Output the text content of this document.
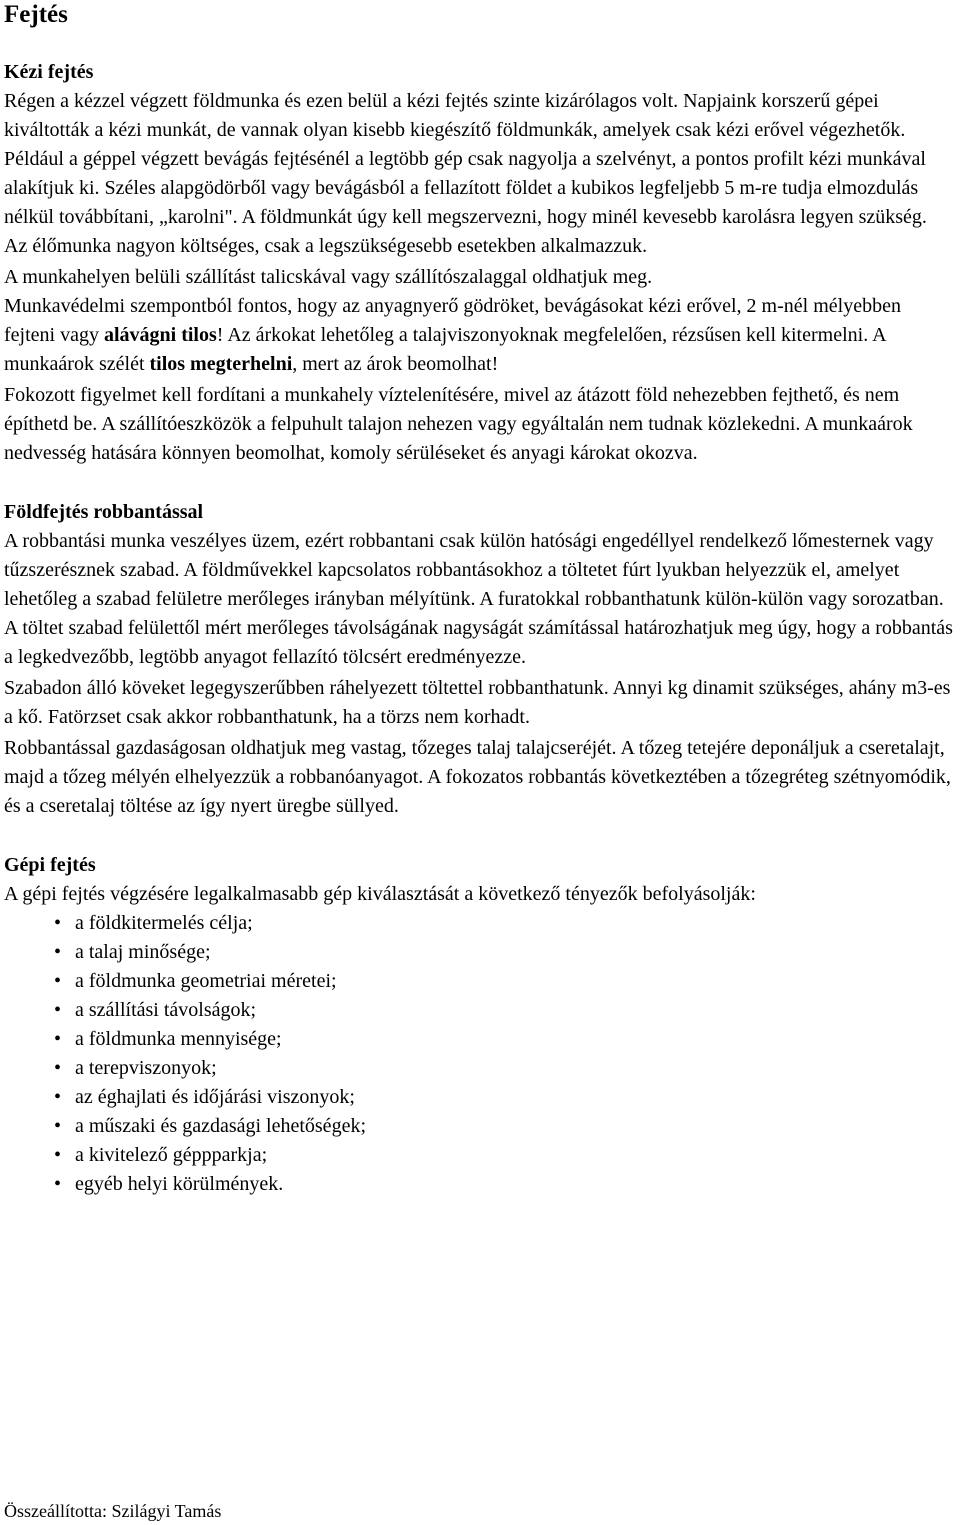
Fejtés
Kézi fejtés

Régen a kézzel végzett földmunka és ezen belül a kézi fejtés szinte kizárólagos volt. Napjaink korszerű gépei kiváltották a kézi munkát, de vannak olyan kisebb kiegészítő földmunkák, amelyek csak kézi erővel végezhetők. Például a géppel végzett bevágás fejtésénél a legtöbb gép csak nagyolja a szelvényt, a pontos profilt kézi munkával alakítjuk ki. Széles alapgödörből vagy bevágásból a fellazított földet a kubikos legfeljebb 5 m-re tudja elmozdulás nélkül továbbítani, „karolni". A földmunkát úgy kell megszervezni, hogy minél kevesebb karolásra legyen szükség. Az élőmunka nagyon költséges, csak a legszükségesebb esetekben alkalmazzuk.

A munkahelyen belüli szállítást talicskával vagy szállítószalaggal oldhatjuk meg.

Munkavédelmi szempontból fontos, hogy az anyagnyerő gödröket, bevágásokat kézi erővel, 2 m-nél mélyebben fejteni vagy alávágni tilos! Az árkokat lehetőleg a talajviszonyoknak megfelelően, rézsűsen kell kitermelni. A munkaárok szélét tilos megterhelni, mert az árok beomolhat!

Fokozott figyelmet kell fordítani a munkahely víztelenítésére, mivel az átázott föld nehezebben fejthető, és nem építhetd be. A szállítóeszközök a felpuhult talajon nehezen vagy egyáltalán nem tudnak közlekedni. A munkaárok nedvesség hatására könnyen beomolhat, komoly sérüléseket és anyagi károkat okozva.

Földfejtés robbantással

A robbantási munka veszélyes üzem, ezért robbantani csak külön hatósági engedéllyel rendelkező lőmesternek vagy tűzszerésznek szabad. A földművekkel kapcsolatos robbantásokhoz a töltetet fúrt lyukban helyezzük el, amelyet lehetőleg a szabad felületre merőleges irányban mélyítünk. A furatokkal robbanthatunk külön-külön vagy sorozatban. A töltet szabad felülettől mért merőleges távolságának nagyságát számítással határozhatjuk meg úgy, hogy a robbantás a legkedvezőbb, legtöbb anyagot fellazító tölcsért eredményezze.

Szabadon álló köveket legegyszerűbben ráhelyezett töltettel robbanthatunk. Annyi kg dinamit szükséges, ahány m3-es a kő. Fatörzset csak akkor robbanthatunk, ha a törzs nem korhadt.

Robbantással gazdaságosan oldhatjuk meg vastag, tőzeges talaj talajcseréjét. A tőzeg tetejére deponáljuk a cseretalajt, majd a tőzeg mélyén elhelyezzük a robbanóanyagot. A fokozatos robbantás következtében a tőzegréteg szétnyomódik, és a cseretalaj töltése az így nyert üregbe süllyed.

Gépi fejtés

A gépi fejtés végzésére legalkalmasabb gép kiválasztását a következő tényezők befolyásolják:

• a földkitermelés célja;
• a talaj minősége;
• a földmunka geometriai méretei;
• a szállítási távolságok;
• a földmunka mennyisége;
• a terepviszonyok;
• az éghajlati és időjárási viszonyok;
• a műszaki és gazdasági lehetőségek;
• a kivitelező géppparkja;
• egyéb helyi körülmények.
Összeállította: Szilágyi Tamás
